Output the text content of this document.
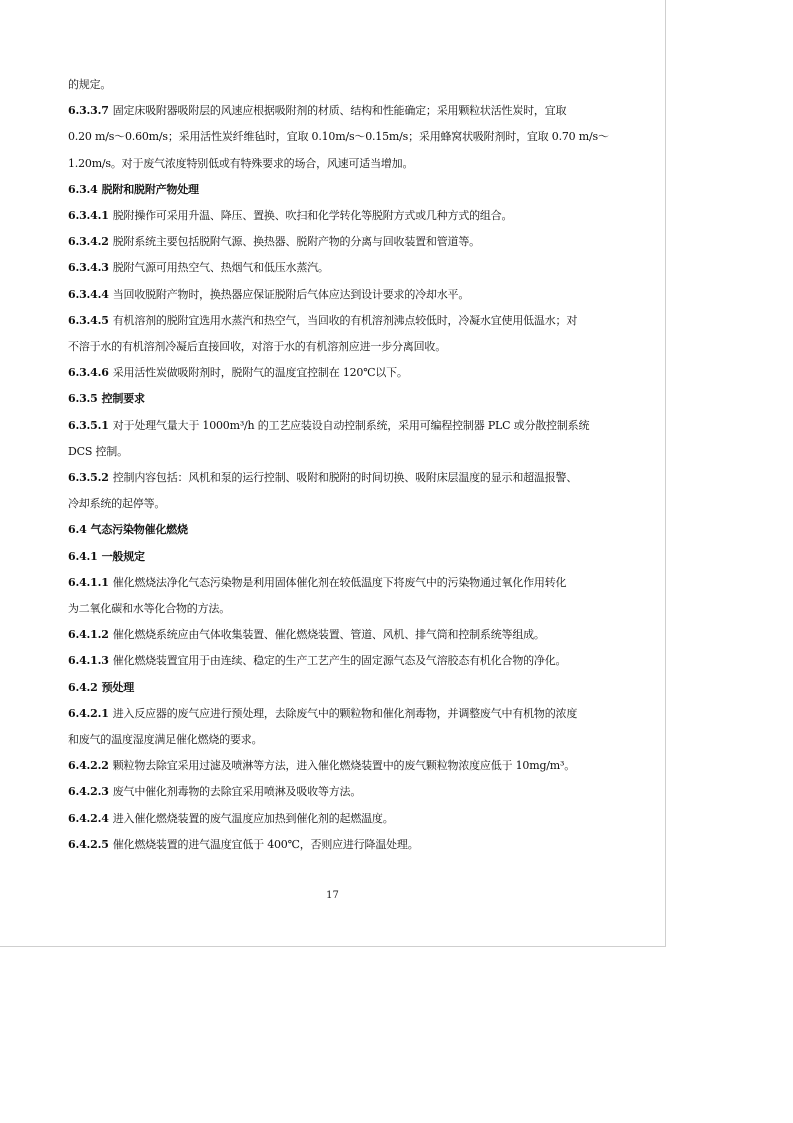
的规定。
6.3.3.7 固定床吸附器吸附层的风速应根据吸附剂的材质、结构和性能确定；采用颗粒状活性炭时，宜取
0.20 m/s～0.60m/s；采用活性炭纤维毡时，宜取 0.10m/s～0.15m/s；采用蜂窝状吸附剂时，宜取 0.70 m/s～
1.20m/s。对于废气浓度特别低或有特殊要求的场合，风速可适当增加。
6.3.4 脱附和脱附产物处理
6.3.4.1 脱附操作可采用升温、降压、置换、吹扫和化学转化等脱附方式或几种方式的组合。
6.3.4.2 脱附系统主要包括脱附气源、换热器、脱附产物的分离与回收装置和管道等。
6.3.4.3 脱附气源可用热空气、热烟气和低压水蒸汽。
6.3.4.4 当回收脱附产物时，换热器应保证脱附后气体应达到设计要求的冷却水平。
6.3.4.5 有机溶剂的脱附宜选用水蒸汽和热空气，当回收的有机溶剂沸点较低时，冷凝水宜使用低温水；对
不溶于水的有机溶剂冷凝后直接回收，对溶于水的有机溶剂应进一步分离回收。
6.3.4.6 采用活性炭做吸附剂时，脱附气的温度宜控制在 120℃以下。
6.3.5 控制要求
6.3.5.1 对于处理气量大于 1000m³/h 的工艺应装设自动控制系统，采用可编程控制器 PLC 或分散控制系统
DCS 控制。
6.3.5.2 控制内容包括：风机和泵的运行控制、吸附和脱附的时间切换、吸附床层温度的显示和超温报警、
冷却系统的起停等。
6.4 气态污染物催化燃烧
6.4.1 一般规定
6.4.1.1 催化燃烧法净化气态污染物是利用固体催化剂在较低温度下将废气中的污染物通过氧化作用转化
为二氧化碳和水等化合物的方法。
6.4.1.2 催化燃烧系统应由气体收集装置、催化燃烧装置、管道、风机、排气筒和控制系统等组成。
6.4.1.3 催化燃烧装置宜用于由连续、稳定的生产工艺产生的固定源气态及气溶胶态有机化合物的净化。
6.4.2 预处理
6.4.2.1 进入反应器的废气应进行预处理，去除废气中的颗粒物和催化剂毒物，并调整废气中有机物的浓度
和废气的温度湿度满足催化燃烧的要求。
6.4.2.2 颗粒物去除宜采用过滤及喷淋等方法，进入催化燃烧装置中的废气颗粒物浓度应低于 10mg/m³。
6.4.2.3 废气中催化剂毒物的去除宜采用喷淋及吸收等方法。
6.4.2.4 进入催化燃烧装置的废气温度应加热到催化剂的起燃温度。
6.4.2.5 催化燃烧装置的进气温度宜低于 400℃，否则应进行降温处理。
17
